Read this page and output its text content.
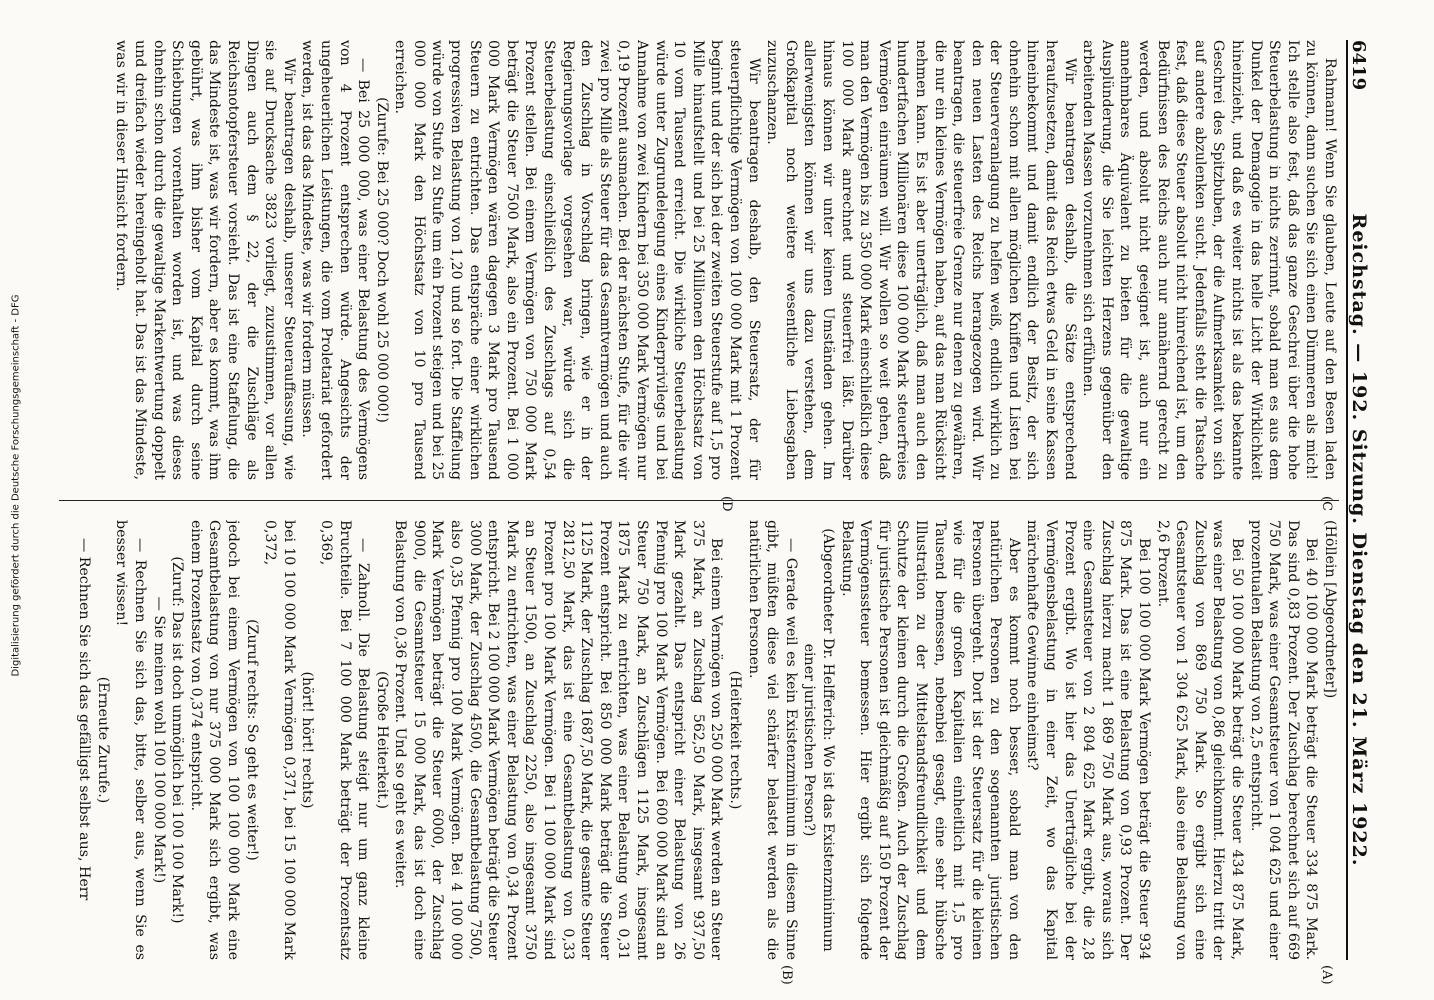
6419
Reichstag. — 192. Sitzung. Dienstag den 21. März 1922.

Rahmann! Wenn Sie glauben, Leute auf den Besen laden zu können, dann suchen Sie sich einen Dümmeren als mich! Ich stelle also fest, daß das ganze Geschrei über die hohe Steuerbelastung in nichts zerrinnt, sobald man es aus dem Dunkel der Demagogie in das helle Licht der Wirklichkeit hineinzieht, und daß es weiter nichts ist als das bekannte Geschrei des Spitzbuben, der die Aufmerksamkeit von sich auf andere abzulenken sucht. Jedenfalls steht die Tatsache fest, daß diese Steuer absolut nicht hinreichend ist, um den Bedürfnissen des Reichs auch nur annähernd gerecht zu werden, und absolut nicht geeignet ist, auch nur ein annehmbares Äquivalent zu bieten für die gewaltige Ausplünderung, die Sie leichten Herzens gegenüber den arbeitenden Massen vorzunehmen sich erfühnen.

Wir beantragen deshalb, die Sätze entsprechend heraufzusetzen, damit das Reich etwas Geld in seine Kassen hineinbekommt und damit endlich der Besitz, der sich ohnehin schon mit allen möglichen Kniffen und Listen bei der Steuerveranlagung zu helfen weiß, endlich wirklich zu den neuen Lasten des Reichs herangezogen wird. Wir beantragen, die steuerfreie Grenze nur denen zu gewähren, die nur ein kleines Vermögen haben, auf das man Rücksicht nehmen kann. Es ist aber unerträglich, daß man auch den hundertfachen Millionären diese 100 000 Mark steuerfreies Vermögen einräumen will. Wir wollen so weit gehen, daß man den Vermögen bis zu 350 000 Mark einschließlich diese 100 000 Mark anrechnet und steuerfrei läßt. Darüber hinaus können wir unter keinen Umständen gehen. Im allerwenigsten können wir uns dazu verstehen, dem Großkapital noch weitere wesentliche Liebesgaben zuzuschanzen.

Wir beantragen deshalb, den Steuersatz, der für steuerpflichtige Vermögen von 100 000 Mark mit 1 Prozent beginnt und der sich bei der zweiten Steuerstufe auf 1,5 pro Mille hinaufstellt und bei 25 Millionen den Höchstsatz von 10 vom Tausend erreicht. Die wirkliche Steuerbelastung würde unter Zugrundelegung eines Kinderprivilegs und bei Annahme von zwei Kindern bei 350 000 Mark Vermögen nur 0,19 Prozent ausmachen. Bei der nächsten Stufe, für die wir zwei pro Mille als Steuer für das Gesamtvermögen und auch den Zuschlag in Vorschlag bringen, wie er in der Regierungsvorlage vorgesehen war, würde sich die Steuerbelastung einschließlich des Zuschlags auf 0,54 Prozent stellen. Bei einem Vermögen von 750 000 Mark beträgt die Steuer 7500 Mark, also ein Prozent. Bei 1 000 000 Mark Vermögen wären dagegen 3 Mark pro Tausend Steuern zu entrichten. Das entspräche einer wirklichen progressiven Belastung von 1,20 und so fort. Die Staffelung würde von Stufe zu Stufe um ein Prozent steigen und bei 25 000 000 Mark den Höchstsatz von 10 pro Tausend erreichen.

(Zurufe: Bei 25 000? Doch wohl 25 000 000!)

— Bei 25 000 000, was einer Belastung des Vermögens von 4 Prozent entsprechen würde. Angesichts der ungeheuerlichen Leistungen, die vom Proletariat gefordert werden, ist das das Mindeste, was wir fordern müssen.

Wir beantragen deshalb, unserer Steuerauffassung, wie sie auf Drucksache 3823 vorliegt, zuzustimmen, vor allen Dingen auch dem § 22, der die Zuschläge als Reichsnotopfersteuer vorsieht. Das ist eine Staffelung, die das Mindeste ist, was wir fordern, aber es kommt, was ihm gebührt, was ihm bisher vom Kapital durch seine Schiebungen vorenthalten worden ist, und was dieses ohnehin schon durch die gewaltige Markentwertung doppelt und dreifach wieder hereingeholt hat. Das ist das Mindeste, was wir in dieser Hinsicht fordern.

(Höllein [Abgeordneter])

Bei 40 100 000 Mark beträgt die Steuer 334 875 Mark. Das sind 0,83 Prozent. Der Zuschlag berechnet sich auf 669 750 Mark, was einer Gesamtsteuer von 1 004 625 und einer prozentualen Belastung von 2,5 entspricht.

Bei 50 100 000 Mark beträgt die Steuer 434 875 Mark, was einer Belastung von 0,86 gleichkommt. Hierzu tritt der Zuschlag von 869 750 Mark. So ergibt sich eine Gesamtsteuer von 1 304 625 Mark, also eine Belastung von 2,6 Prozent.

Bei 100 100 000 Mark Vermögen beträgt die Steuer 934 875 Mark. Das ist eine Belastung von 0,93 Prozent. Der Zuschlag hierzu macht 1 869 750 Mark aus, woraus sich eine Gesamtsteuer von 2 804 625 Mark ergibt, die 2,8 Prozent ergibt. Wo ist hier das Unerträgliche bei der Vermögensbelastung in einer Zeit, wo das Kapital märchenhafte Gewinne einheimst?

Aber es kommt noch besser, sobald man von den natürlichen Personen zu den sogenannten juristischen Personen übergeht. Dort ist der Steuersatz für die kleinen wie für die großen Kapitalien einheitlich mit 1,5 pro Tausend bemessen, nebenbei gesagt, eine sehr hübsche Illustration zu der Mittelstandsfreundlichkeit und dem Schutze der kleinen durch die Großen. Auch der Zuschlag für juristische Personen ist gleichmäßig auf 150 Prozent der Vermögenssteuer bemessen. Hier ergibt sich folgende Belastung.

(Abgeordneter Dr. Helfferich: Wo ist das Existenzminimum einer juristischen Person?)

— Gerade weil es kein Existenzminimum in diesem Sinne gibt, müßten diese viel schärfer belastet werden als die natürlichen Personen.

(Heiterkeit rechts.)

Bei einem Vermögen von 250 000 Mark werden an Steuer 375 Mark, an Zuschlag 562,50 Mark, insgesamt 937,50 Mark gezahlt. Das entspricht einer Belastung von 26 Pfennig pro 100 Mark Vermögen. Bei 600 000 Mark sind an Steuer 750 Mark, an Zuschlägen 1125 Mark, insgesamt 1875 Mark zu entrichten, was einer Belastung von 0,31 Prozent entspricht. Bei 850 000 Mark beträgt die Steuer 1125 Mark, der Zuschlag 1687,50 Mark, die gesamte Steuer 2812,50 Mark, das ist eine Gesamtbelastung von 0,33 Prozent pro 100 Mark Vermögen. Bei 1 100 000 Mark sind an Steuer 1500, an Zuschlag 2250, also insgesamt 3750 Mark zu entrichten, was einer Belastung von 0,34 Prozent entspricht. Bei 2 100 000 Mark Vermögen beträgt die Steuer 3000 Mark, der Zuschlag 4500, die Gesamtbelastung 7500, also 0,35 Pfennig pro 100 Mark Vermögen. Bei 4 100 000 Mark Vermögen beträgt die Steuer 6000, der Zuschlag 9000, die Gesamtsteuer 15 000 Mark, das ist doch eine Belastung von 0,36 Prozent. Und so geht es weiter.

(Große Heiterkeit.)

— Zahnoll. Die Belastung steigt nur um ganz kleine Bruchteile. Bei 7 100 000 Mark beträgt der Prozentsatz 0,369,

(hört! hört! rechts)

bei 10 100 000 Mark Vermögen 0,371, bei 15 100 000 Mark 0,372,

(Zuruf rechts: So geht es weiter!)

jedoch bei einem Vermögen von 100 100 000 Mark eine Gesamtbelastung von nur 375 000 Mark sich ergibt, was einem Prozentsatz von 0,374 entspricht.

(Zuruf: Das ist doch unmöglich bei 100 100 Mark!)

— Sie meinen wohl 100 100 000 Mark!)

— Rechnen Sie sich das, bitte, selber aus, wenn Sie es besser wissen!

(Erneute Zurufe.)

— Rechnen Sie sich das gefälligst selbst aus, Herr

(C
(A)
(B)
(D
Digitalisierung gefördert durch die Deutsche Forschungsgemeinschaft - DFG
